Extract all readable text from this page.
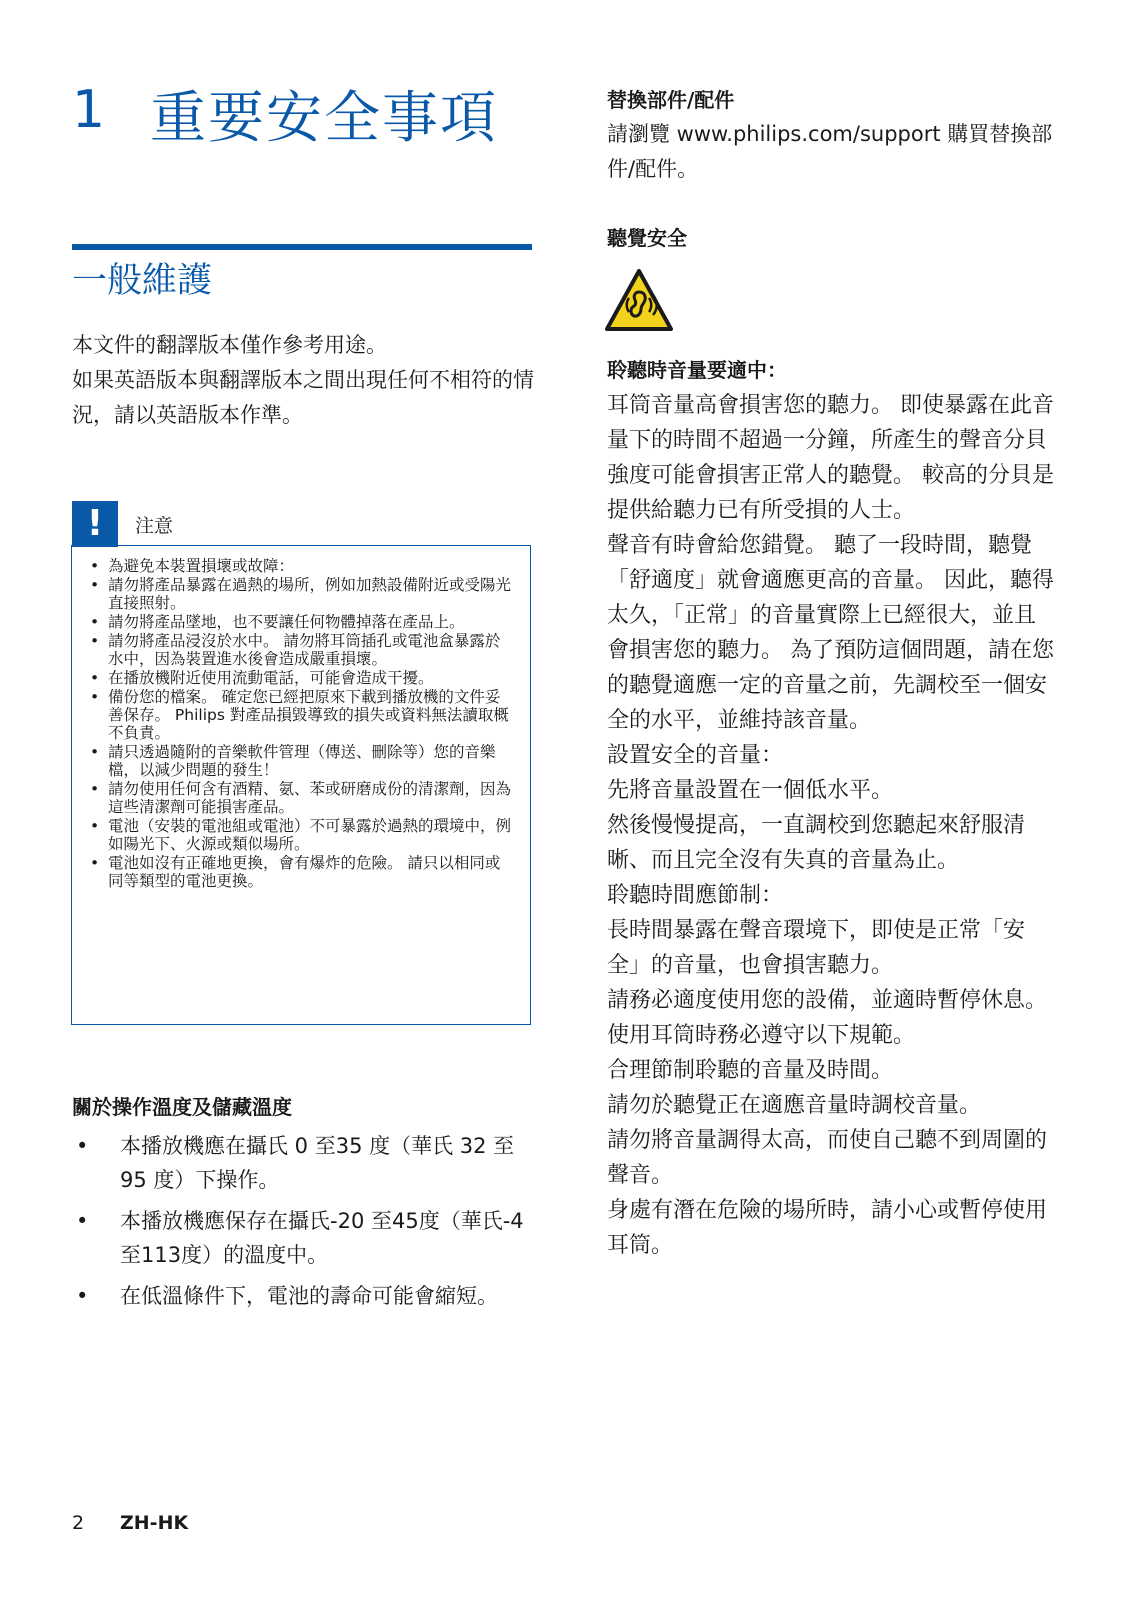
1 重要安全事項
一般維護

本文件的翻譯版本僅作參考用途。

如果英語版本與翻譯版本之間出現任何不相符的情況，請以英語版本作準。

!	注意
• 為避免本裝置損壞或故障：
• 請勿將產品暴露在過熱的場所，例如加熱設備附近或受陽光直接照射。
• 請勿將產品墜地，也不要讓任何物體掉落在產品上。
• 請勿將產品浸沒於水中。 請勿將耳筒插孔或電池盒暴露於水中，因為裝置進水後會造成嚴重損壞。
• 在播放機附近使用流動電話，可能會造成干擾。
• 備份您的檔案。 確定您已經把原來下載到播放機的文件妥善保存。 Philips 對產品損毀導致的損失或資料無法讀取概不負責。
• 請只透過隨附的音樂軟件管理（傳送、刪除等）您的音樂檔，以減少問題的發生！
• 請勿使用任何含有酒精、氨、苯或研磨成份的清潔劑，因為這些清潔劑可能損害產品。
• 電池（安裝的電池組或電池）不可暴露於過熱的環境中，例如陽光下、火源或類似場所。
• 電池如沒有正確地更換，會有爆炸的危險。 請只以相同或同等類型的電池更換。
關於操作溫度及儲藏溫度
• 本播放機應在攝氏 0 至35 度（華氏 32 至 95 度）下操作。
• 本播放機應保存在攝氏-20 至45度（華氏-4 至113度）的溫度中。
• 在低溫條件下，電池的壽命可能會縮短。
替換部件/配件
請瀏覽 www.philips.com/support 購買替換部件/配件。
聽覺安全
聆聽時音量要適中：

耳筒音量高會損害您的聽力。 即使暴露在此音量下的時間不超過一分鐘，所產生的聲音分貝強度可能會損害正常人的聽覺。 較高的分貝是提供給聽力已有所受損的人士。

聲音有時會給您錯覺。 聽了一段時間，聽覺「舒適度」就會適應更高的音量。 因此，聽得太久，「正常」的音量實際上已經很大，並且會損害您的聽力。 為了預防這個問題，請在您的聽覺適應一定的音量之前，先調校至一個安全的水平，並維持該音量。

設置安全的音量：

先將音量設置在一個低水平。

然後慢慢提高，一直調校到您聽起來舒服清晰、而且完全沒有失真的音量為止。

聆聽時間應節制：

長時間暴露在聲音環境下，即使是正常「安全」的音量，也會損害聽力。

請務必適度使用您的設備，並適時暫停休息。

使用耳筒時務必遵守以下規範。

合理節制聆聽的音量及時間。

請勿於聽覺正在適應音量時調校音量。

請勿將音量調得太高，而使自己聽不到周圍的聲音。

身處有潛在危險的場所時，請小心或暫停使用耳筒。

2 ZH-HK
